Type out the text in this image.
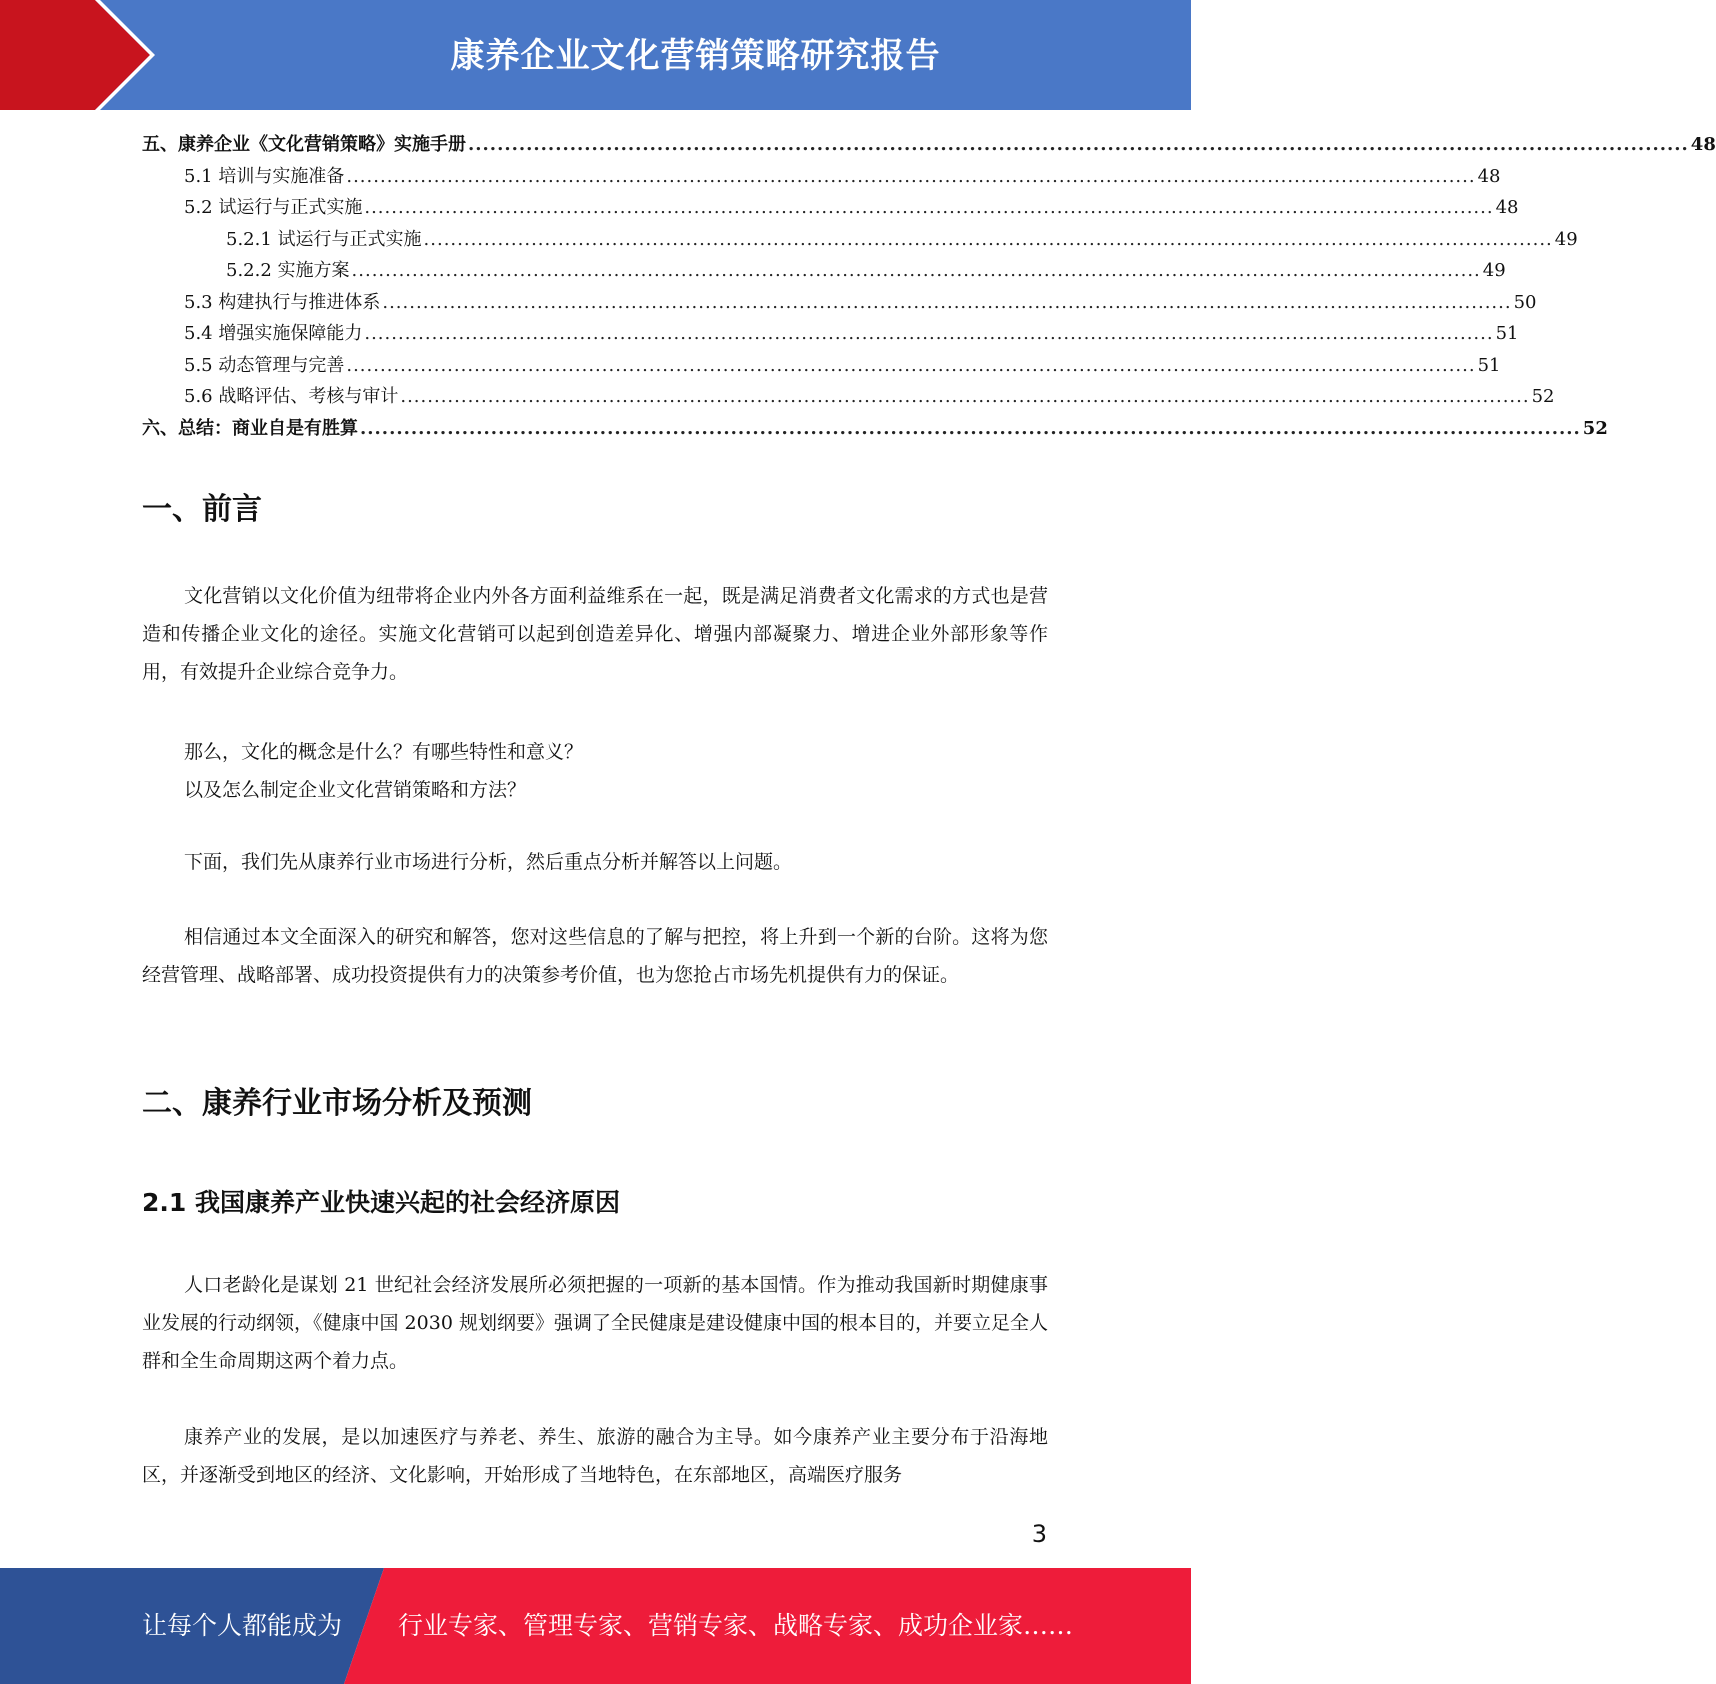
康养企业文化营销策略研究报告
五、康养企业《文化营销策略》实施手册 ........................................................................................................................................................................ 48
5.1 培训与实施准备 ........................................................................................................................................................................ 48
5.2 试运行与正式实施 ........................................................................................................................................................................ 48
5.2.1 试运行与正式实施 ........................................................................................................................................................................ 49
5.2.2 实施方案 ........................................................................................................................................................................ 49
5.3 构建执行与推进体系 ........................................................................................................................................................................ 50
5.4 增强实施保障能力 ........................................................................................................................................................................ 51
5.5 动态管理与完善 ........................................................................................................................................................................ 51
5.6 战略评估、考核与审计 ........................................................................................................................................................................ 52
六、总结：商业自是有胜算 ........................................................................................................................................................................ 52
一、前言

文化营销以文化价值为纽带将企业内外各方面利益维系在一起，既是满足消费者文化需求的方式也是营造和传播企业文化的途径。实施文化营销可以起到创造差异化、增强内部凝聚力、增进企业外部形象等作用，有效提升企业综合竞争力。

那么，文化的概念是什么？有哪些特性和意义？

以及怎么制定企业文化营销策略和方法？

下面，我们先从康养行业市场进行分析，然后重点分析并解答以上问题。

相信通过本文全面深入的研究和解答，您对这些信息的了解与把控，将上升到一个新的台阶。这将为您经营管理、战略部署、成功投资提供有力的决策参考价值，也为您抢占市场先机提供有力的保证。

二、康养行业市场分析及预测
2.1 我国康养产业快速兴起的社会经济原因

人口老龄化是谋划 21 世纪社会经济发展所必须把握的一项新的基本国情。作为推动我国新时期健康事业发展的行动纲领，《健康中国 2030 规划纲要》强调了全民健康是建设健康中国的根本目的，并要立足全人群和全生命周期这两个着力点。

康养产业的发展，是以加速医疗与养老、养生、旅游的融合为主导。如今康养产业主要分布于沿海地区，并逐渐受到地区的经济、文化影响，开始形成了当地特色，在东部地区，高端医疗服务

3
让每个人都能成为 行业专家、管理专家、营销专家、战略专家、成功企业家……
